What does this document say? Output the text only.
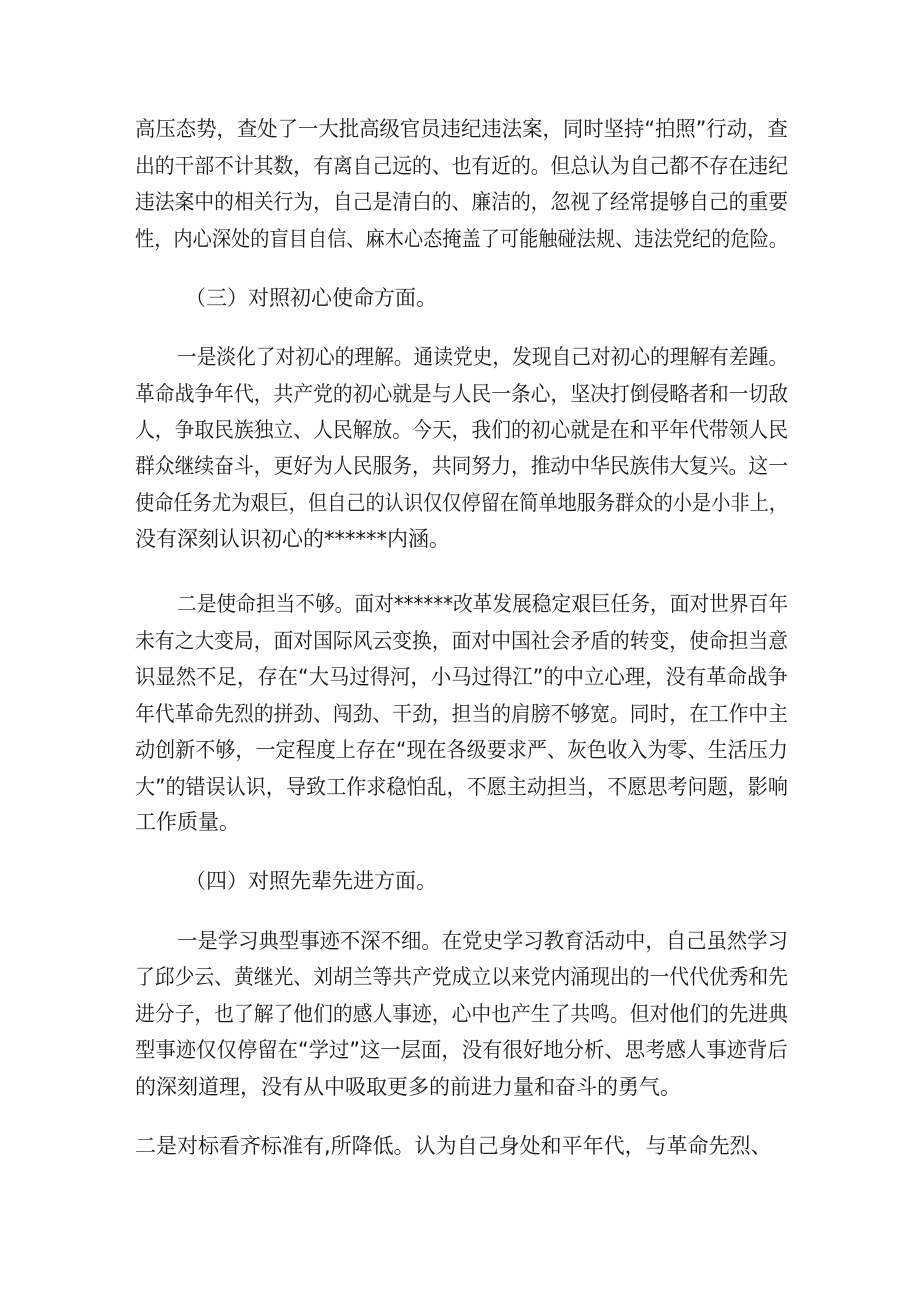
高压态势，查处了一大批高级官员违纪违法案，同时坚持“拍照”行动，查
出的干部不计其数，有离自己远的、也有近的。但总认为自己都不存在违纪
违法案中的相关行为，自己是清白的、廉洁的，忽视了经常提够自己的重要
性，内心深处的盲目自信、麻木心态掩盖了可能触碰法规、违法党纪的危险。
（三）对照初心使命方面。
一是淡化了对初心的理解。通读党史，发现自己对初心的理解有差踵。
革命战争年代，共产党的初心就是与人民一条心，坚决打倒侵略者和一切敌
人，争取民族独立、人民解放。今天，我们的初心就是在和平年代带领人民
群众继续奋斗，更好为人民服务，共同努力，推动中华民族伟大复兴。这一
使命任务尤为艰巨，但自己的认识仅仅停留在简单地服务群众的小是小非上，
没有深刻认识初心的******内涵。
二是使命担当不够。面对******改革发展稳定艰巨任务，面对世界百年
未有之大变局，面对国际风云变换，面对中国社会矛盾的转变，使命担当意
识显然不足，存在“大马过得河，小马过得江”的中立心理，没有革命战争
年代革命先烈的拼劲、闯劲、干劲，担当的肩膀不够宽。同时，在工作中主
动创新不够，一定程度上存在“现在各级要求严、灰色收入为零、生活压力
大”的错误认识，导致工作求稳怕乱，不愿主动担当，不愿思考问题，影响
工作质量。
（四）对照先辈先进方面。
一是学习典型事迹不深不细。在党史学习教育活动中，自己虽然学习
了邱少云、黄继光、刘胡兰等共产党成立以来党内涌现出的一代代优秀和先
进分子，也了解了他们的感人事迹，心中也产生了共鸣。但对他们的先进典
型事迹仅仅停留在“学过”这一层面，没有很好地分析、思考感人事迹背后
的深刻道理，没有从中吸取更多的前进力量和奋斗的勇气。
二是对标看齐标准有,所降低。认为自己身处和平年代，与革命先烈、
